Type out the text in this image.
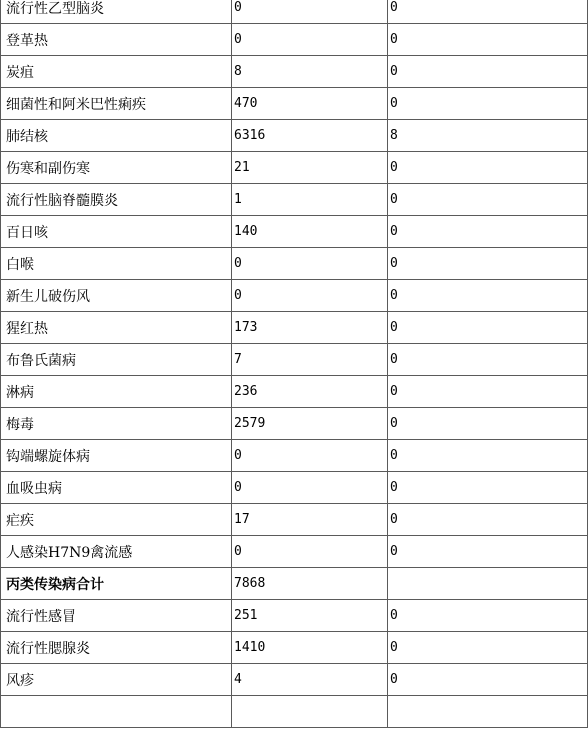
流行性乙型脑炎	0	0
登革热	0	0
炭疽	8	0
细菌性和阿米巴性痢疾	470	0
肺结核	6316	8
伤寒和副伤寒	21	0
流行性脑脊髓膜炎	1	0
百日咳	140	0
白喉	0	0
新生儿破伤风	0	0
猩红热	173	0
布鲁氏菌病	7	0
淋病	236	0
梅毒	2579	0
钩端螺旋体病	0	0
血吸虫病	0	0
疟疾	17	0
人感染H7N9禽流感	0	0
丙类传染病合计	7868	
流行性感冒	251	0
流行性腮腺炎	1410	0
风疹	4	0
